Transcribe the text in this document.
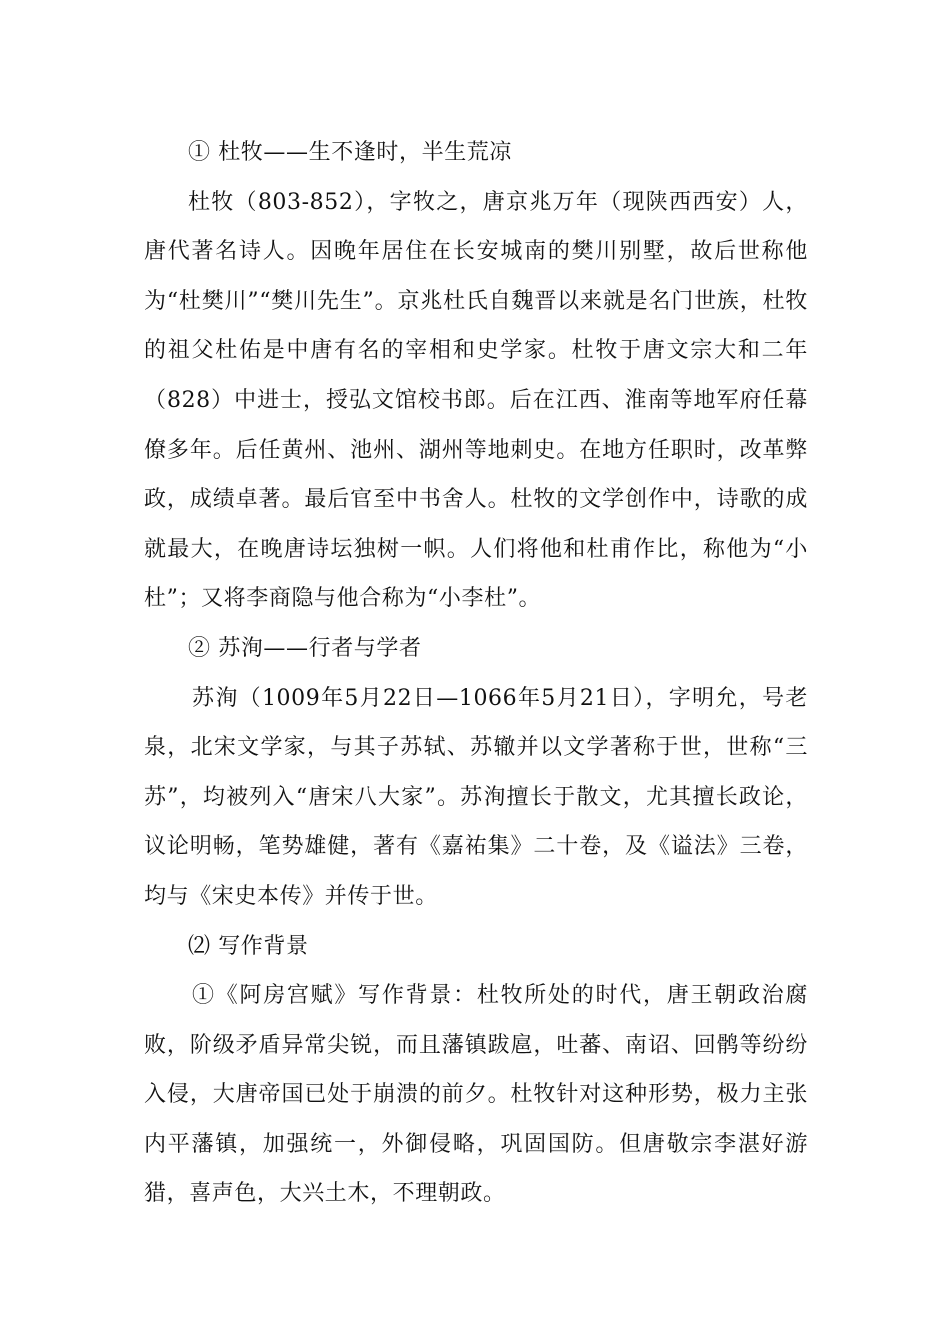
① 杜牧——生不逢时，半生荒凉

杜牧（803-852），字牧之，唐京兆万年（现陕西西安）人，唐代著名诗人。因晚年居住在长安城南的樊川别墅，故后世称他为“杜樊川”“樊川先生”。京兆杜氏自魏晋以来就是名门世族，杜牧的祖父杜佑是中唐有名的宰相和史学家。杜牧于唐文宗大和二年（828）中进士，授弘文馆校书郎。后在江西、淮南等地军府任幕僚多年。后任黄州、池州、湖州等地刺史。在地方任职时，改革弊政，成绩卓著。最后官至中书舍人。杜牧的文学创作中，诗歌的成就最大，在晚唐诗坛独树一帜。人们将他和杜甫作比，称他为“小杜”；又将李商隐与他合称为“小李杜”。

② 苏洵——行者与学者

苏洵（1009年5月22日—1066年5月21日），字明允，号老泉，北宋文学家，与其子苏轼、苏辙并以文学著称于世，世称“三苏”，均被列入“唐宋八大家”。苏洵擅长于散文，尤其擅长政论，议论明畅，笔势雄健，著有《嘉祐集》二十卷，及《谥法》三卷，均与《宋史本传》并传于世。

⑵ 写作背景

①《阿房宫赋》写作背景：杜牧所处的时代，唐王朝政治腐败，阶级矛盾异常尖锐，而且藩镇跋扈，吐蕃、南诏、回鹘等纷纷入侵，大唐帝国已处于崩溃的前夕。杜牧针对这种形势，极力主张内平藩镇，加强统一，外御侵略，巩固国防。但唐敬宗李湛好游猎，喜声色，大兴土木，不理朝政。
